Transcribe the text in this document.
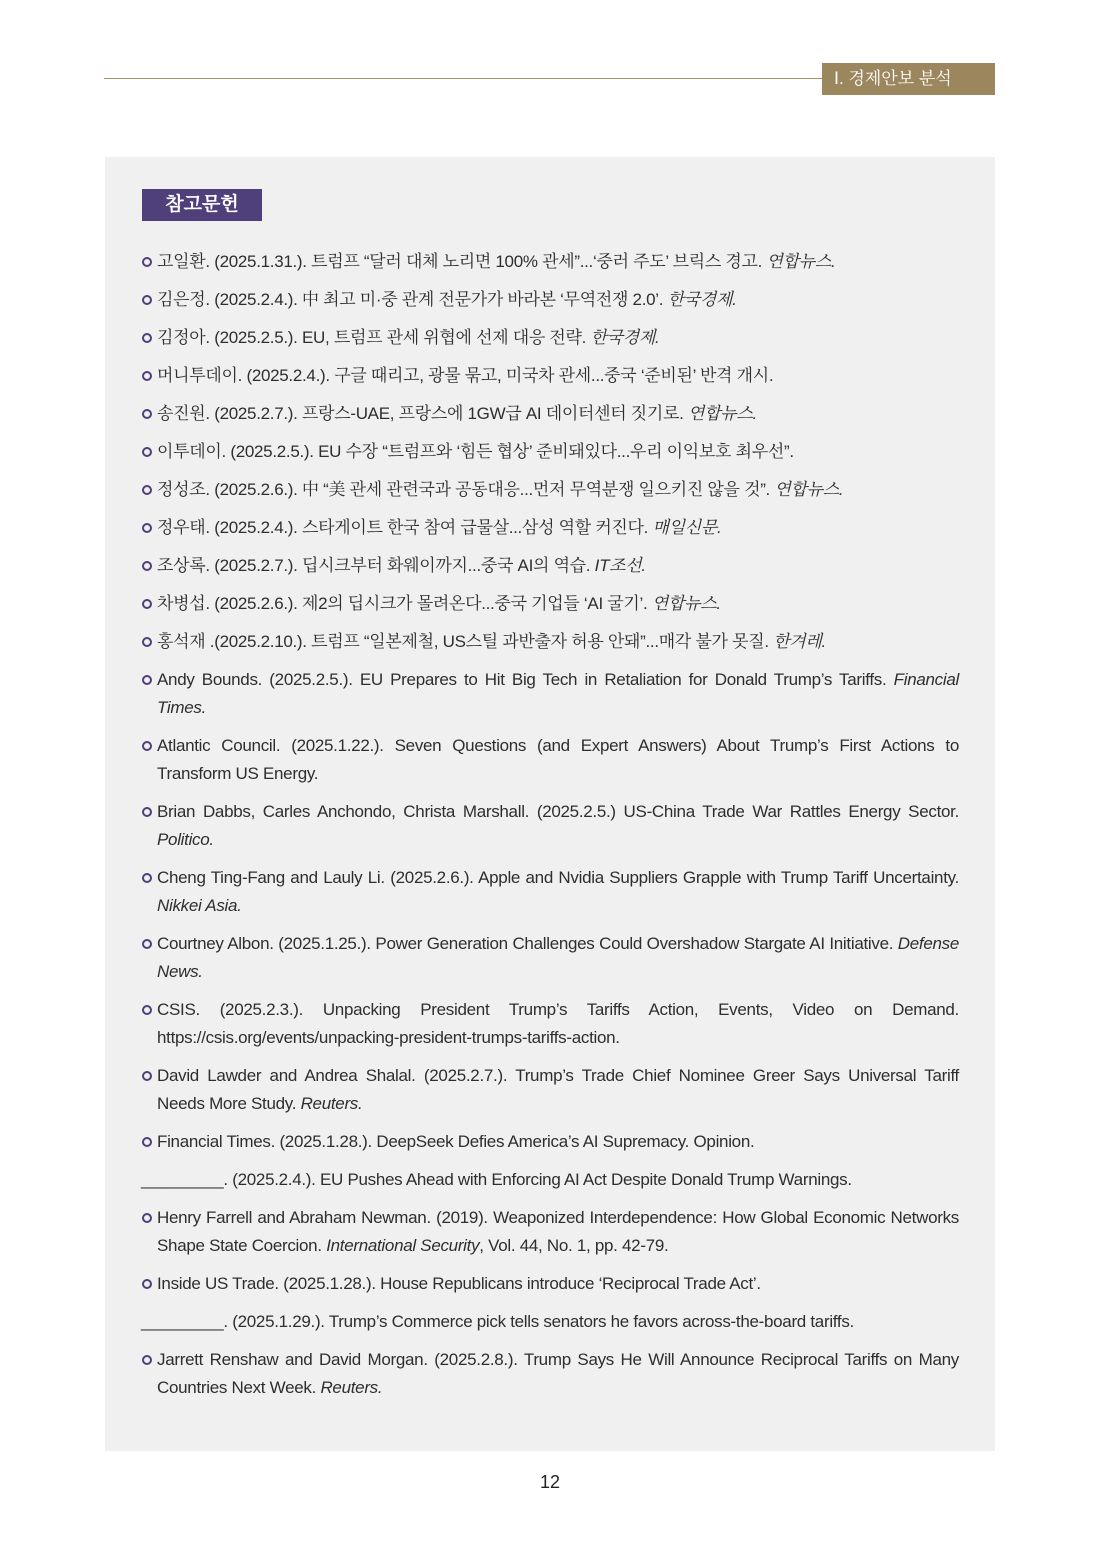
Ⅰ. 경제안보 분석
참고문헌
고일환. (2025.1.31.). 트럼프 “달러 대체 노리면 100% 관세”...‘중러 주도’ 브릭스 경고. 연합뉴스.
김은정. (2025.2.4.). 中 최고 미·중 관계 전문가가 바라본 ‘무역전쟁 2.0’. 한국경제.
김정아. (2025.2.5.). EU, 트럼프 관세 위협에 선제 대응 전략. 한국경제.
머니투데이. (2025.2.4.). 구글 때리고, 광물 묶고, 미국차 관세...중국 ‘준비된’ 반격 개시.
송진원. (2025.2.7.). 프랑스-UAE, 프랑스에 1GW급 AI 데이터센터 짓기로. 연합뉴스.
이투데이. (2025.2.5.). EU 수장 “트럼프와 ‘힘든 협상’ 준비돼있다...우리 이익보호 최우선”.
정성조. (2025.2.6.). 中 “美 관세 관련국과 공동대응...먼저 무역분쟁 일으키진 않을 것”. 연합뉴스.
정우태. (2025.2.4.). 스타게이트 한국 참여 급물살...삼성 역할 커진다. 매일신문.
조상록. (2025.2.7.). 딥시크부터 화웨이까지...중국 AI의 역습. IT조선.
차병섭. (2025.2.6.). 제2의 딥시크가 몰려온다...중국 기업들 ‘AI 굴기’. 연합뉴스.
홍석재 .(2025.2.10.). 트럼프 “일본제철, US스틸 과반출자 허용 안돼”...매각 불가 못질. 한겨레.
Andy Bounds. (2025.2.5.). EU Prepares to Hit Big Tech in Retaliation for Donald Trump’s Tariffs. Financial Times.
Atlantic Council. (2025.1.22.). Seven Questions (and Expert Answers) About Trump’s First Actions to Transform US Energy.
Brian Dabbs, Carles Anchondo, Christa Marshall. (2025.2.5.) US-China Trade War Rattles Energy Sector. Politico.
Cheng Ting-Fang and Lauly Li. (2025.2.6.). Apple and Nvidia Suppliers Grapple with Trump Tariff Uncertainty. Nikkei Asia.
Courtney Albon. (2025.1.25.). Power Generation Challenges Could Overshadow Stargate AI Initiative. Defense News.
CSIS. (2025.2.3.). Unpacking President Trump’s Tariffs Action, Events, Video on Demand. https://csis.org/events/unpacking-president-trumps-tariffs-action.
David Lawder and Andrea Shalal. (2025.2.7.). Trump’s Trade Chief Nominee Greer Says Universal Tariff Needs More Study. Reuters.
Financial Times. (2025.1.28.). DeepSeek Defies America’s AI Supremacy. Opinion.
_________. (2025.2.4.). EU Pushes Ahead with Enforcing AI Act Despite Donald Trump Warnings.
Henry Farrell and Abraham Newman. (2019). Weaponized Interdependence: How Global Economic Networks Shape State Coercion. International Security, Vol. 44, No. 1, pp. 42-79.
Inside US Trade. (2025.1.28.). House Republicans introduce ‘Reciprocal Trade Act’.
_________. (2025.1.29.). Trump’s Commerce pick tells senators he favors across-the-board tariffs.
Jarrett Renshaw and David Morgan. (2025.2.8.). Trump Says He Will Announce Reciprocal Tariffs on Many Countries Next Week. Reuters.
12
